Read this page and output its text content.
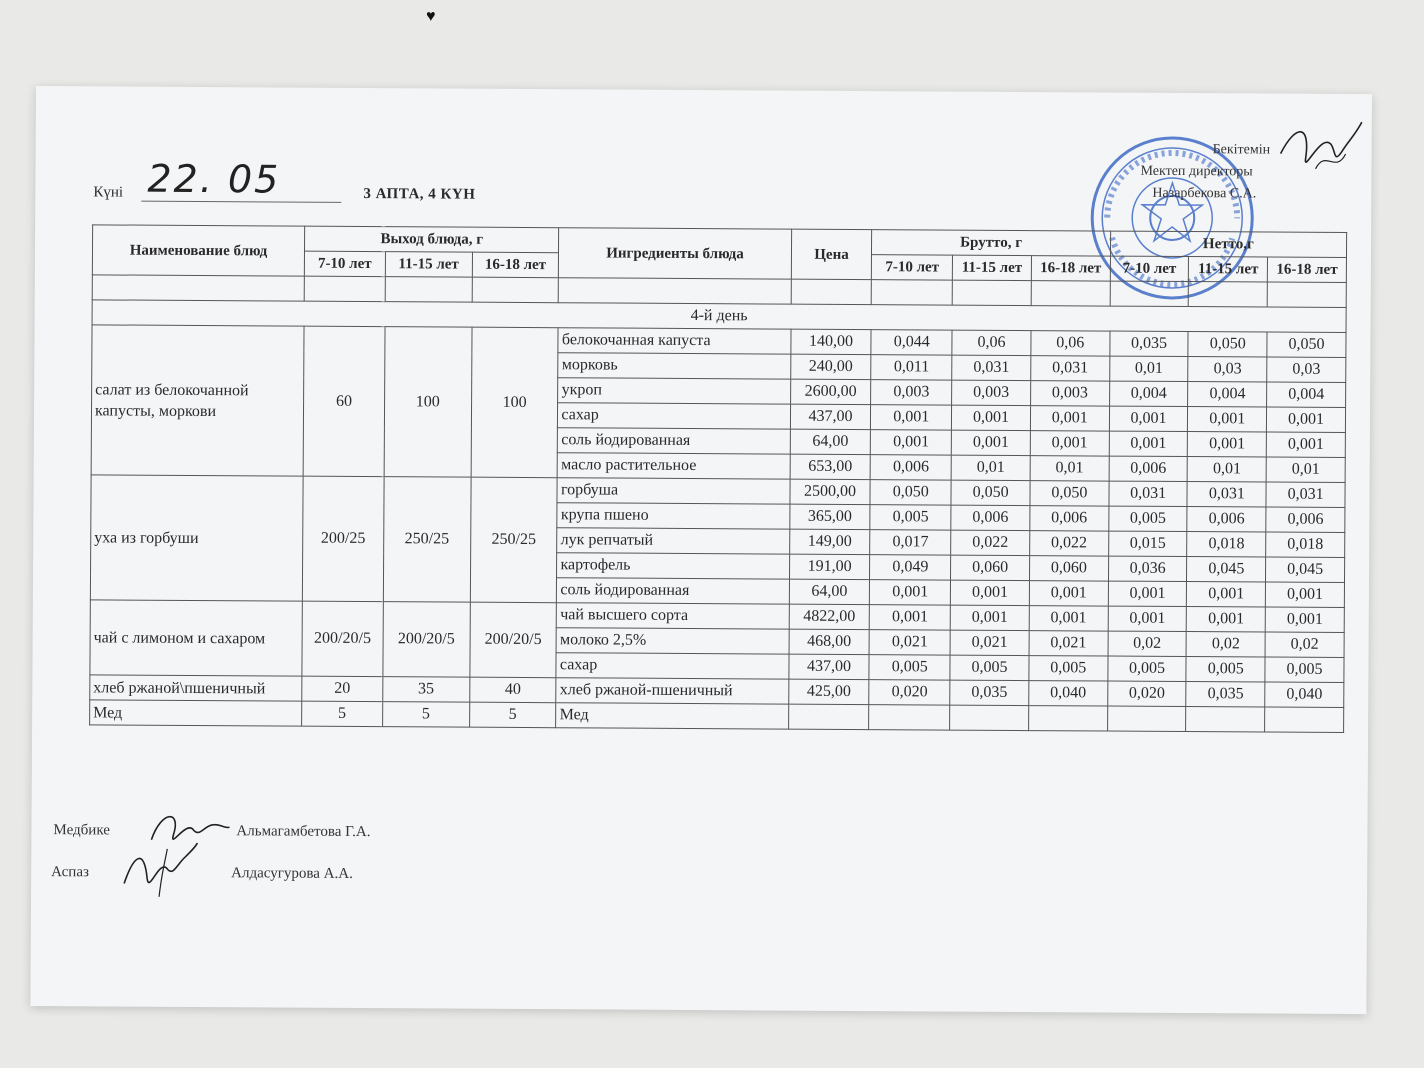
♥
Күні 22. 05	3 АПТА, 4 КҮН
Бекітемін
Мектеп директоры
Назарбекова С.А.
Наименование блюд	Выход блюда, г			Ингредиенты блюда	Цена	Брутто, г			Нетто,г		
	7-10 лет	11-15 лет	16-18 лет			7-10 лет	11-15 лет	16-18 лет	7-10 лет	11-15 лет	16-18 лет

4-й день											
салат из белокочанной капусты, моркови	60	100	100	белокочанная капуста	140,00	0,044	0,06	0,06	0,035	0,050	0,050
				морковь	240,00	0,011	0,031	0,031	0,01	0,03	0,03
				укроп	2600,00	0,003	0,003	0,003	0,004	0,004	0,004
				сахар	437,00	0,001	0,001	0,001	0,001	0,001	0,001
				соль йодированная	64,00	0,001	0,001	0,001	0,001	0,001	0,001
				масло растительное	653,00	0,006	0,01	0,01	0,006	0,01	0,01
уха из горбуши	200/25	250/25	250/25	горбуша	2500,00	0,050	0,050	0,050	0,031	0,031	0,031
				крупа пшено	365,00	0,005	0,006	0,006	0,005	0,006	0,006
				лук репчатый	149,00	0,017	0,022	0,022	0,015	0,018	0,018
				картофель	191,00	0,049	0,060	0,060	0,036	0,045	0,045
				соль йодированная	64,00	0,001	0,001	0,001	0,001	0,001	0,001
чай с лимоном и сахаром	200/20/5	200/20/5	200/20/5	чай высшего сорта	4822,00	0,001	0,001	0,001	0,001	0,001	0,001
				молоко 2,5%	468,00	0,021	0,021	0,021	0,02	0,02	0,02
				сахар	437,00	0,005	0,005	0,005	0,005	0,005	0,005
хлеб ржаной\пшеничный	20	35	40	хлеб ржаной-пшеничный	425,00	0,020	0,035	0,040	0,020	0,035	0,040
Мед	5	5	5	Мед							
Медбике	Альмагамбетова Г.А.
Аспаз	Алдасугурова А.А.
